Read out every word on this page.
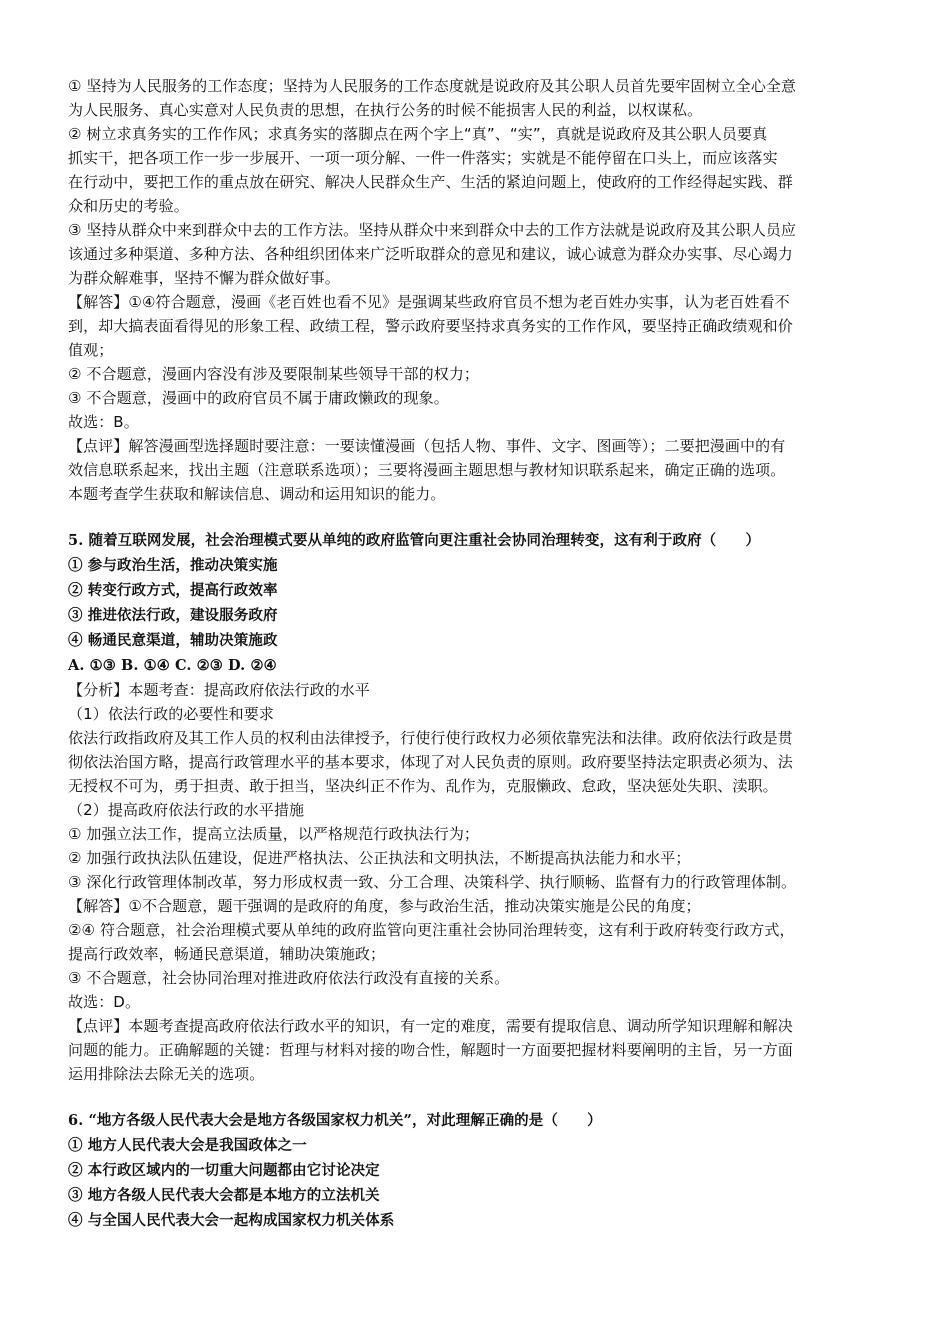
① 坚持为人民服务的工作态度；坚持为人民服务的工作态度就是说政府及其公职人员首先要牢固树立全心全意
为人民服务、真心实意对人民负责的思想，在执行公务的时候不能损害人民的利益，以权谋私。
② 树立求真务实的工作作风；求真务实的落脚点在两个字上“真”、“实”，真就是说政府及其公职人员要真
抓实干，把各项工作一步一步展开、一项一项分解、一件一件落实；实就是不能停留在口头上，而应该落实
在行动中，要把工作的重点放在研究、解决人民群众生产、生活的紧迫问题上，使政府的工作经得起实践、群
众和历史的考验。
③ 坚持从群众中来到群众中去的工作方法。坚持从群众中来到群众中去的工作方法就是说政府及其公职人员应
该通过多种渠道、多种方法、各种组织团体来广泛听取群众的意见和建议，诚心诚意为群众办实事、尽心竭力
为群众解难事，坚持不懈为群众做好事。
【解答】①④符合题意，漫画《老百姓也看不见》是强调某些政府官员不想为老百姓办实事，认为老百姓看不
到，却大搞表面看得见的形象工程、政绩工程，警示政府要坚持求真务实的工作作风，要坚持正确政绩观和价
值观；
② 不合题意，漫画内容没有涉及要限制某些领导干部的权力；
③ 不合题意，漫画中的政府官员不属于庸政懒政的现象。
故选：B。
【点评】解答漫画型选择题时要注意：一要读懂漫画（包括人物、事件、文字、图画等）；二要把漫画中的有
效信息联系起来，找出主题（注意联系选项）；三要将漫画主题思想与教材知识联系起来，确定正确的选项。
本题考查学生获取和解读信息、调动和运用知识的能力。
5. 随着互联网发展，社会治理模式要从单纯的政府监管向更注重社会协同治理转变，这有利于政府（　　）
① 参与政治生活，推动决策实施
② 转变行政方式，提高行政效率
③ 推进依法行政，建设服务政府
④ 畅通民意渠道，辅助决策施政
A. ①③ B. ①④ C. ②③ D. ②④
【分析】本题考查：提高政府依法行政的水平
（1）依法行政的必要性和要求
依法行政指政府及其工作人员的权利由法律授予，行使行使行政权力必须依靠宪法和法律。政府依法行政是贯
彻依法治国方略，提高行政管理水平的基本要求，体现了对人民负责的原则。政府要坚持法定职责必须为、法
无授权不可为，勇于担责、敢于担当，坚决纠正不作为、乱作为，克服懒政、怠政，坚决惩处失职、渎职。
（2）提高政府依法行政的水平措施
① 加强立法工作，提高立法质量，以严格规范行政执法行为；
② 加强行政执法队伍建设，促进严格执法、公正执法和文明执法，不断提高执法能力和水平；
③ 深化行政管理体制改革，努力形成权责一致、分工合理、决策科学、执行顺畅、监督有力的行政管理体制。
【解答】①不合题意，题干强调的是政府的角度，参与政治生活，推动决策实施是公民的角度；
②④ 符合题意，社会治理模式要从单纯的政府监管向更注重社会协同治理转变，这有利于政府转变行政方式，
提高行政效率，畅通民意渠道，辅助决策施政；
③ 不合题意，社会协同治理对推进政府依法行政没有直接的关系。
故选：D。
【点评】本题考查提高政府依法行政水平的知识，有一定的难度，需要有提取信息、调动所学知识理解和解决
问题的能力。正确解题的关键：哲理与材料对接的吻合性，解题时一方面要把握材料要阐明的主旨，另一方面
运用排除法去除无关的选项。
6. “地方各级人民代表大会是地方各级国家权力机关”，对此理解正确的是（　　）
① 地方人民代表大会是我国政体之一
② 本行政区域内的一切重大问题都由它讨论决定
③ 地方各级人民代表大会都是本地方的立法机关
④ 与全国人民代表大会一起构成国家权力机关体系
